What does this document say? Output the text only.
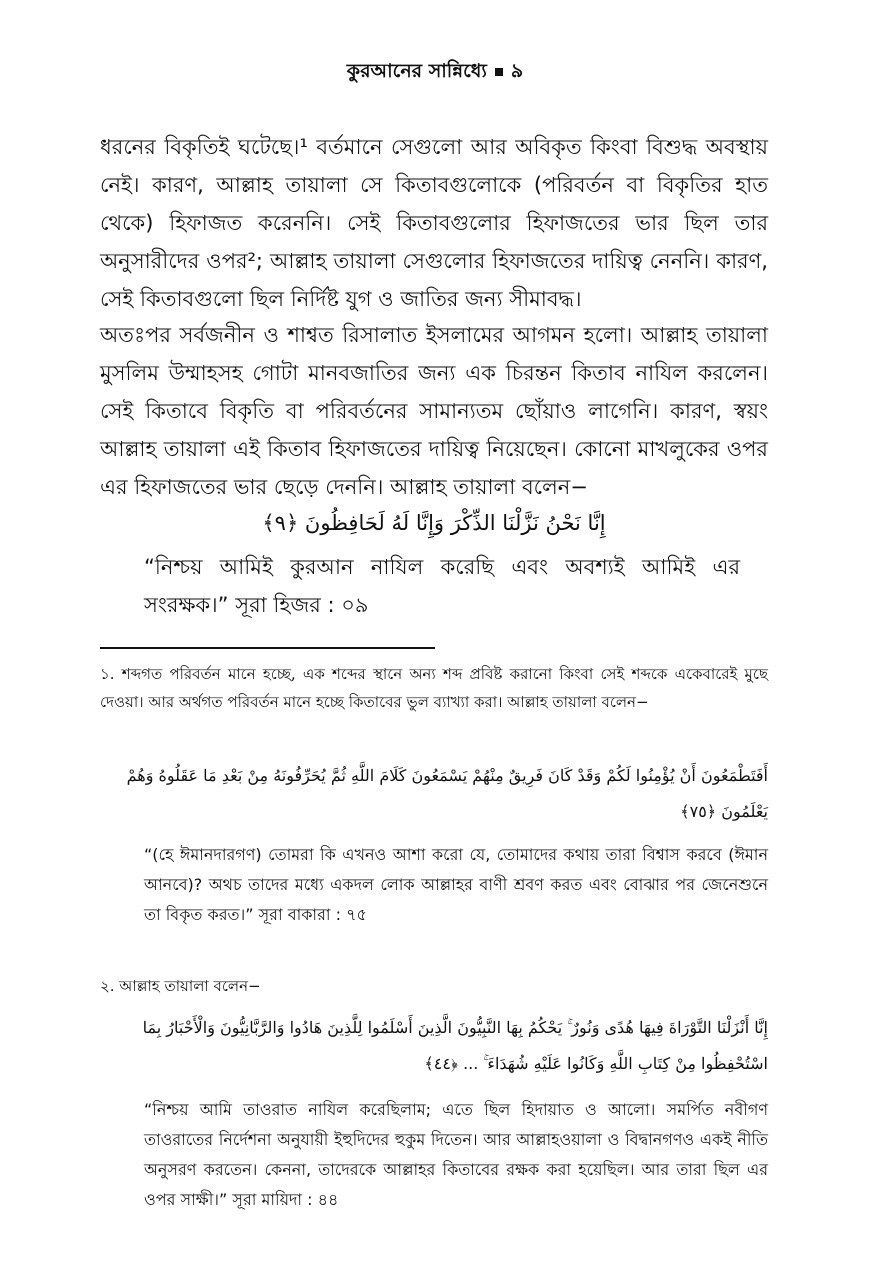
কুরআনের সান্নিধ্যে ৯

ধরনের বিকৃতিই ঘটেছে।¹ বর্তমানে সেগুলো আর অবিকৃত কিংবা বিশুদ্ধ অবস্থায় নেই। কারণ, আল্লাহ তায়ালা সে কিতাবগুলোকে (পরিবর্তন বা বিকৃতির হাত থেকে) হিফাজত করেননি। সেই কিতাবগুলোর হিফাজতের ভার ছিল তার অনুসারীদের ওপর²; আল্লাহ তায়ালা সেগুলোর হিফাজতের দায়িত্ব নেননি। কারণ, সেই কিতাবগুলো ছিল নির্দিষ্ট যুগ ও জাতির জন্য সীমাবদ্ধ।

অতঃপর সর্বজনীন ও শাশ্বত রিসালাত ইসলামের আগমন হলো। আল্লাহ তায়ালা মুসলিম উম্মাহসহ গোটা মানবজাতির জন্য এক চিরন্তন কিতাব নাযিল করলেন। সেই কিতাবে বিকৃতি বা পরিবর্তনের সামান্যতম ছোঁয়াও লাগেনি। কারণ, স্বয়ং আল্লাহ তায়ালা এই কিতাব হিফাজতের দায়িত্ব নিয়েছেন। কোনো মাখলুকের ওপর এর হিফাজতের ভার ছেড়ে দেননি। আল্লাহ তায়ালা বলেন−

إِنَّا نَحْنُ نَزَّلْنَا الذِّكْرَ وَإِنَّا لَهُ لَحَافِظُونَ ﴿٩﴾

“নিশ্চয় আমিই কুরআন নাযিল করেছি এবং অবশ্যই আমিই এর সংরক্ষক।” সূরা হিজর : ০৯

১. শব্দগত পরিবর্তন মানে হচ্ছে, এক শব্দের স্থানে অন্য শব্দ প্রবিষ্ট করানো কিংবা সেই শব্দকে একেবারেই মুছে দেওয়া। আর অর্থগত পরিবর্তন মানে হচ্ছে কিতাবের ভুল ব্যাখ্যা করা। আল্লাহ তায়ালা বলেন−

أَفَتَطْمَعُونَ أَنْ يُؤْمِنُوا لَكُمْ وَقَدْ كَانَ فَرِيقٌ مِنْهُمْ يَسْمَعُونَ كَلَامَ اللَّهِ ثُمَّ يُحَرِّفُونَهُ مِنْ بَعْدِ مَا عَقَلُوهُ وَهُمْ يَعْلَمُونَ ﴿٧٥﴾

“(হে ঈমানদারগণ) তোমরা কি এখনও আশা করো যে, তোমাদের কথায় তারা বিশ্বাস করবে (ঈমান আনবে)? অথচ তাদের মধ্যে একদল লোক আল্লাহর বাণী শ্রবণ করত এবং বোঝার পর জেনেশুনে তা বিকৃত করত।” সূরা বাকারা : ৭৫

২. আল্লাহ তায়ালা বলেন−

إِنَّا أَنْزَلْنَا التَّوْرَاةَ فِيهَا هُدًى وَنُورٌ ۚ يَحْكُمُ بِهَا النَّبِيُّونَ الَّذِينَ أَسْلَمُوا لِلَّذِينَ هَادُوا وَالرَّبَّانِيُّونَ وَالْأَحْبَارُ بِمَا اسْتُحْفِظُوا مِنْ كِتَابِ اللَّهِ وَكَانُوا عَلَيْهِ شُهَدَاءَ ۚ ... ﴿٤٤﴾

“নিশ্চয় আমি তাওরাত নাযিল করেছিলাম; এতে ছিল হিদায়াত ও আলো। সমর্পিত নবীগণ তাওরাতের নির্দেশনা অনুযায়ী ইহুদিদের হুকুম দিতেন। আর আল্লাহওয়ালা ও বিদ্বানগণও একই নীতি অনুসরণ করতেন। কেননা, তাদেরকে আল্লাহর কিতাবের রক্ষক করা হয়েছিল। আর তারা ছিল এর ওপর সাক্ষী।” সূরা মায়িদা : ৪৪
